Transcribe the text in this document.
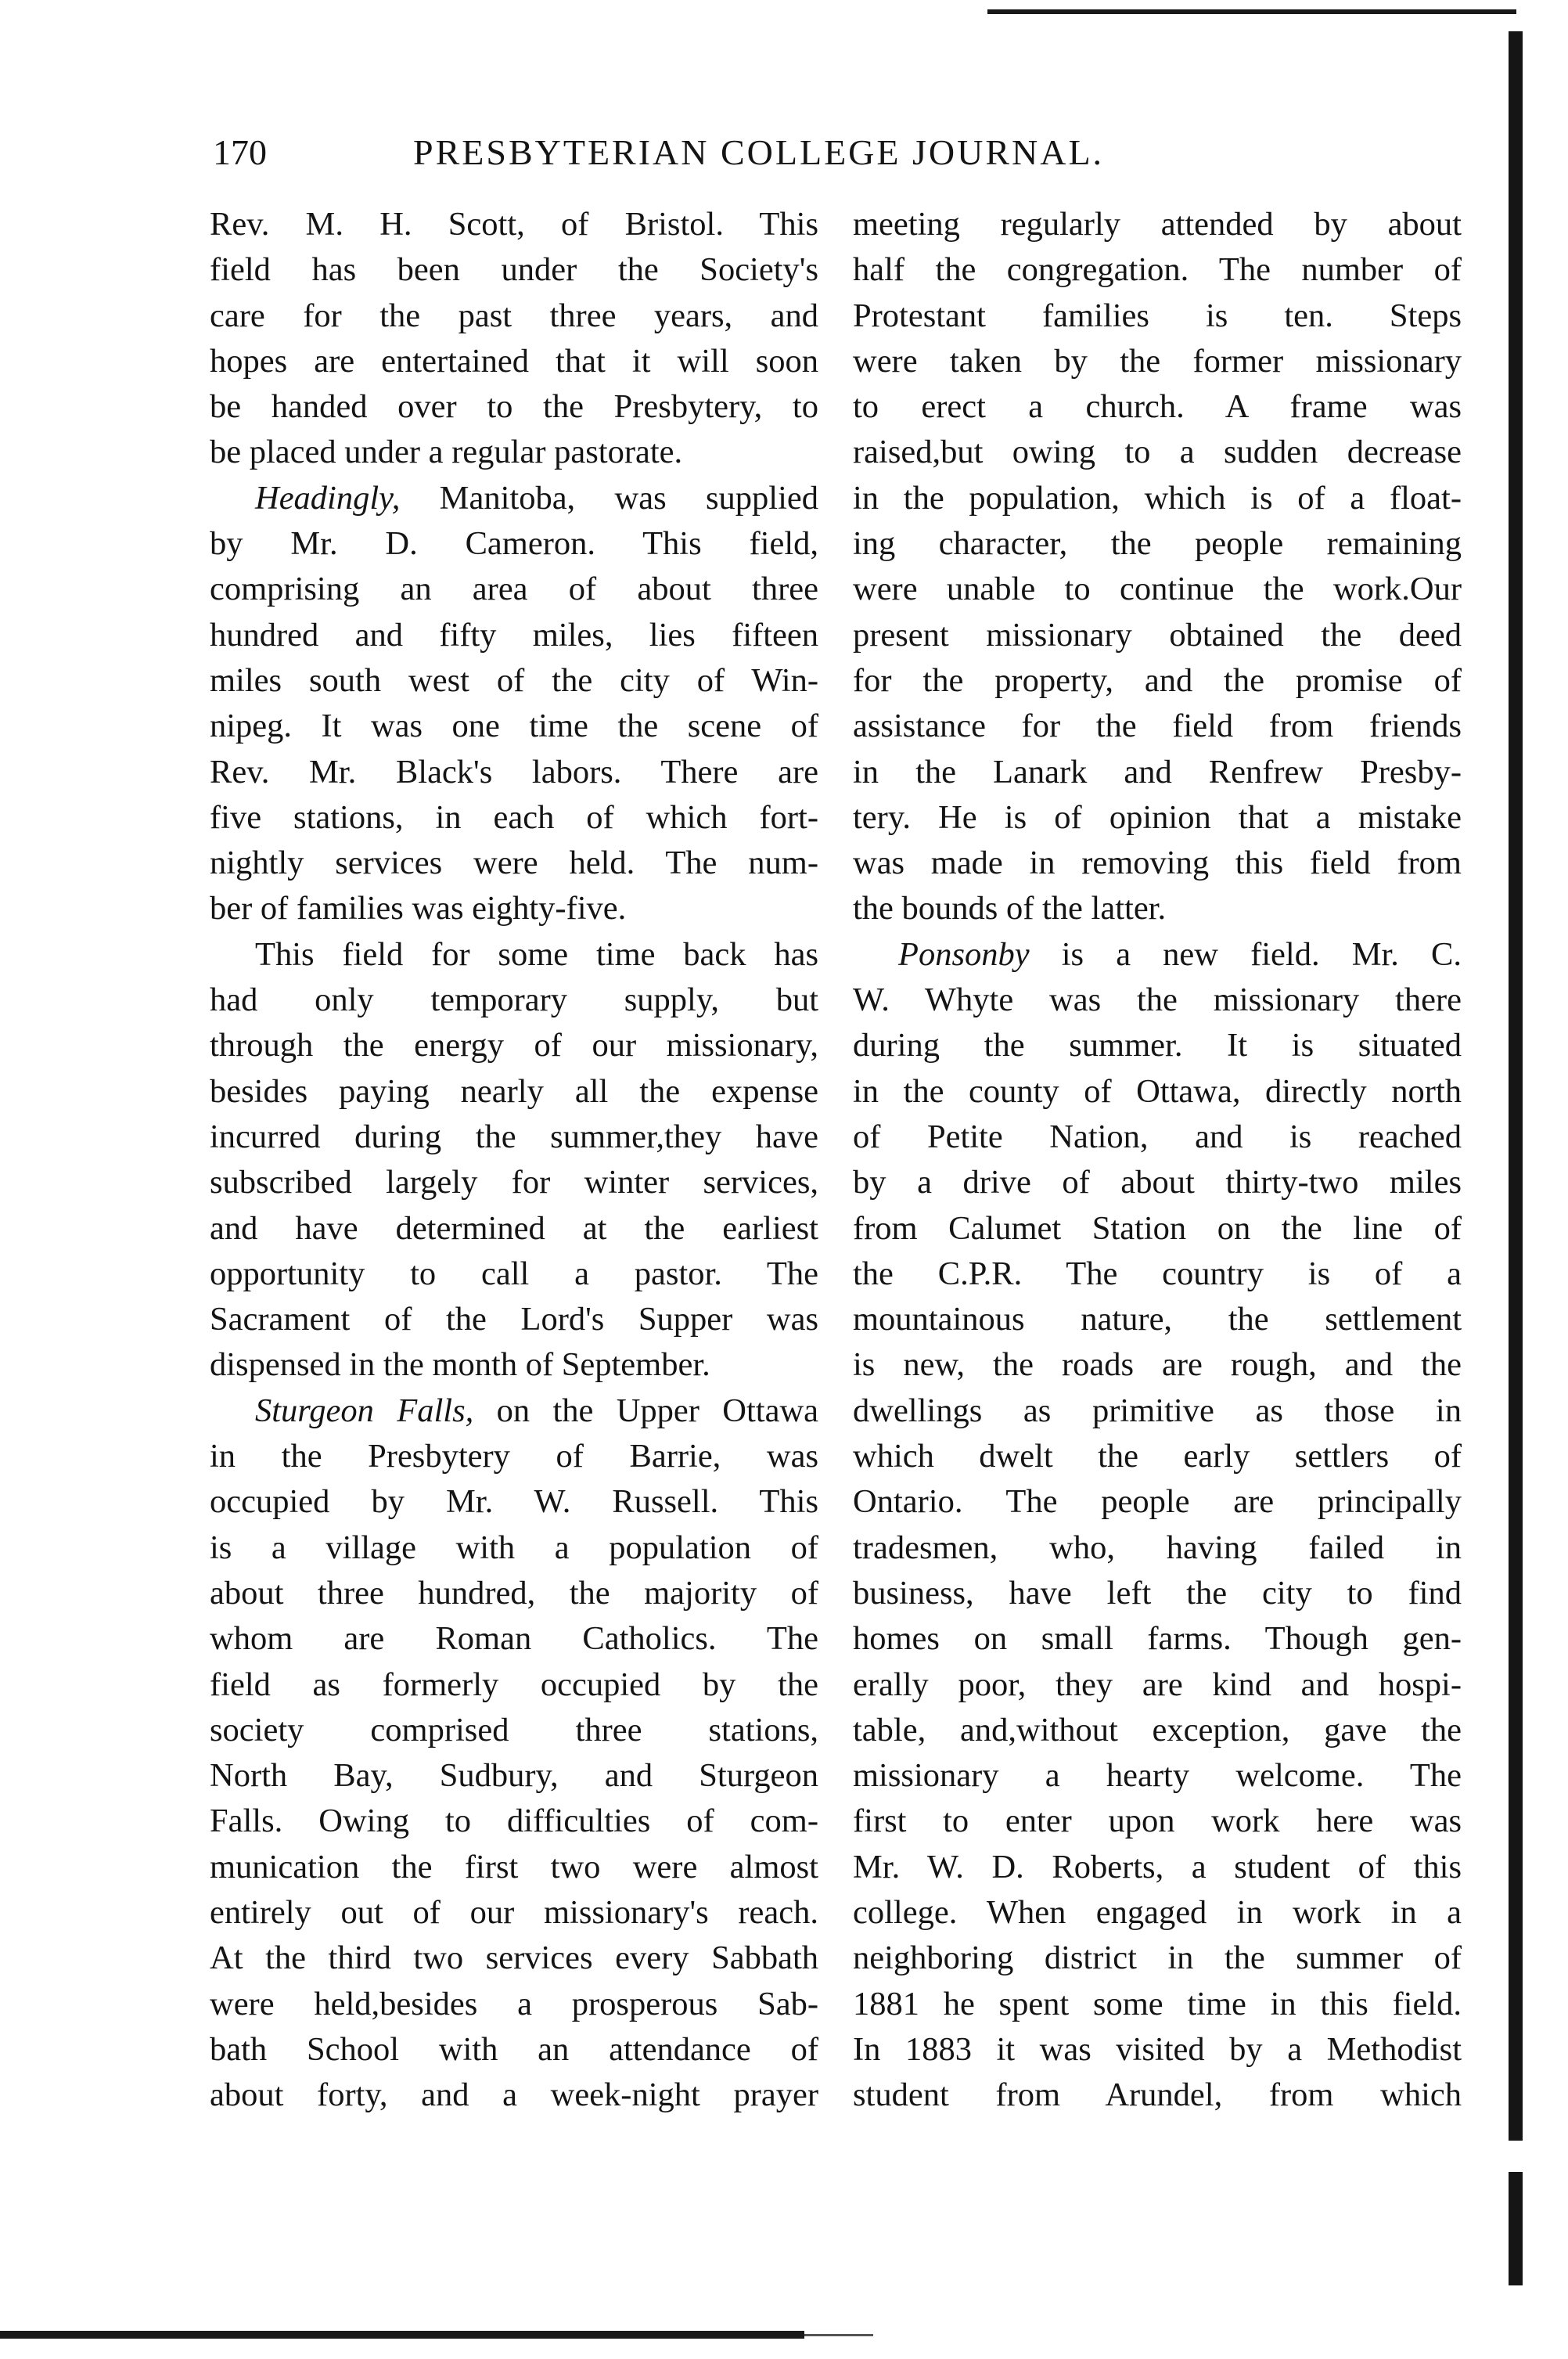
170	PRESBYTERIAN COLLEGE JOURNAL.
Rev. M. H. Scott, of Bristol. This
field has been under the Society's
care for the past three years, and
hopes are entertained that it will soon
be handed over to the Presbytery, to
be placed under a regular pastorate.
Headingly, Manitoba, was supplied
by Mr. D. Cameron. This field,
comprising an area of about three
hundred and fifty miles, lies fifteen
miles south west of the city of Win-
nipeg. It was one time the scene of
Rev. Mr. Black's labors. There are
five stations, in each of which fort-
nightly services were held. The num-
ber of families was eighty-five.
This field for some time back has
had only temporary supply, but
through the energy of our missionary,
besides paying nearly all the expense
incurred during the summer,they have
subscribed largely for winter services,
and have determined at the earliest
opportunity to call a pastor. The
Sacrament of the Lord's Supper was
dispensed in the month of September.
Sturgeon Falls, on the Upper Ottawa
in the Presbytery of Barrie, was
occupied by Mr. W. Russell. This
is a village with a population of
about three hundred, the majority of
whom are Roman Catholics. The
field as formerly occupied by the
society comprised three stations,
North Bay, Sudbury, and Sturgeon
Falls. Owing to difficulties of com-
munication the first two were almost
entirely out of our missionary's reach.
At the third two services every Sabbath
were held,besides a prosperous Sab-
bath School with an attendance of
about forty, and a week-night prayer
meeting regularly attended by about
half the congregation. The number of
Protestant families is ten. Steps
were taken by the former missionary
to erect a church. A frame was
raised,but owing to a sudden decrease
in the population, which is of a float-
ing character, the people remaining
were unable to continue the work.Our
present missionary obtained the deed
for the property, and the promise of
assistance for the field from friends
in the Lanark and Renfrew Presby-
tery. He is of opinion that a mistake
was made in removing this field from
the bounds of the latter.
Ponsonby is a new field. Mr. C.
W. Whyte was the missionary there
during the summer. It is situated
in the county of Ottawa, directly north
of Petite Nation, and is reached
by a drive of about thirty-two miles
from Calumet Station on the line of
the C.P.R. The country is of a
mountainous nature, the settlement
is new, the roads are rough, and the
dwellings as primitive as those in
which dwelt the early settlers of
Ontario. The people are principally
tradesmen, who, having failed in
business, have left the city to find
homes on small farms. Though gen-
erally poor, they are kind and hospi-
table, and,without exception, gave the
missionary a hearty welcome. The
first to enter upon work here was
Mr. W. D. Roberts, a student of this
college. When engaged in work in a
neighboring district in the summer of
1881 he spent some time in this field.
In 1883 it was visited by a Methodist
student from Arundel, from which
